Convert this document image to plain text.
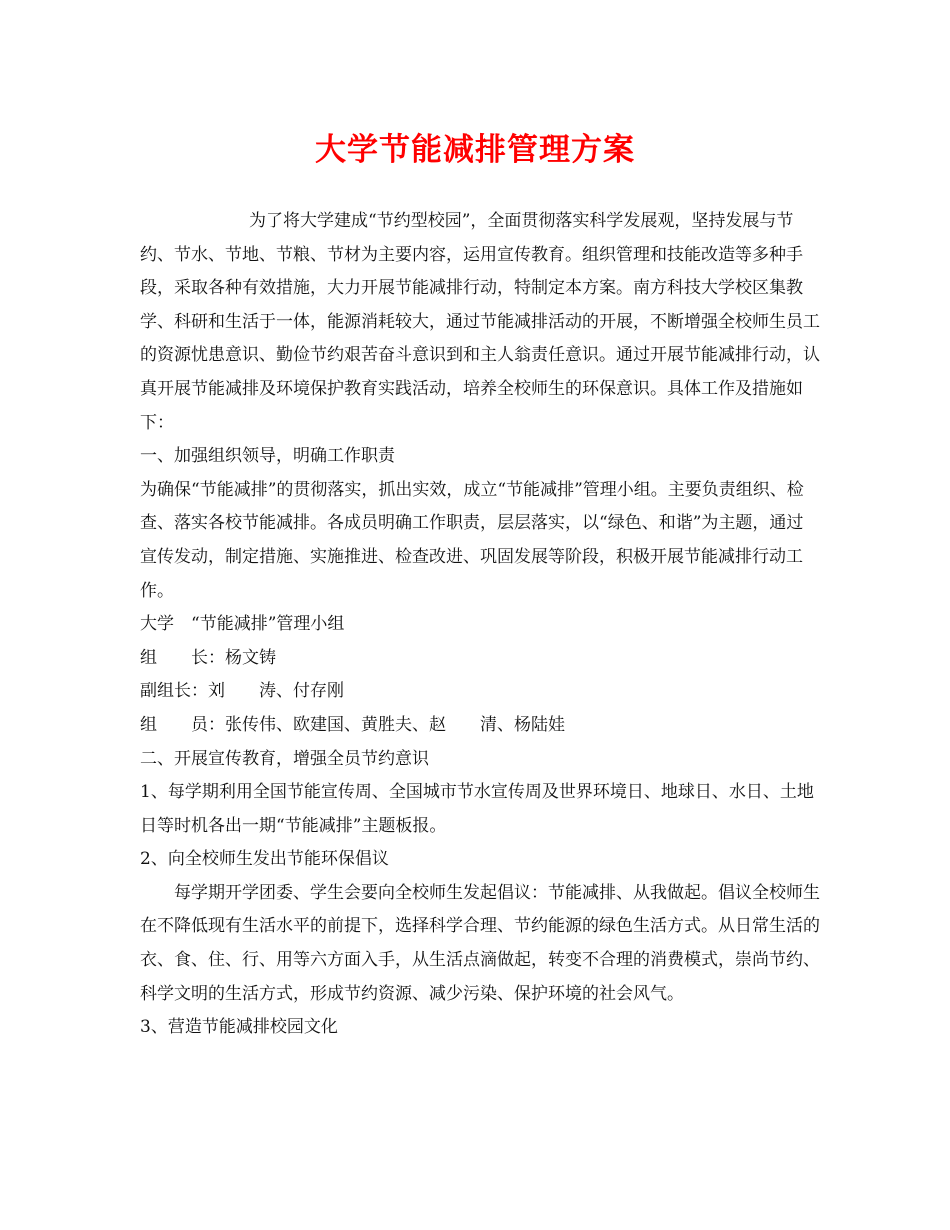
大学节能减排管理方案

为了将大学建成“节约型校园”，全面贯彻落实科学发展观，坚持发展与节约、节水、节地、节粮、节材为主要内容，运用宣传教育。组织管理和技能改造等多种手段，采取各种有效措施，大力开展节能减排行动，特制定本方案。南方科技大学校区集教学、科研和生活于一体，能源消耗较大，通过节能减排活动的开展，不断增强全校师生员工的资源忧患意识、勤俭节约艰苦奋斗意识到和主人翁责任意识。通过开展节能减排行动，认真开展节能减排及环境保护教育实践活动，培养全校师生的环保意识。具体工作及措施如下：

一、加强组织领导，明确工作职责

为确保“节能减排”的贯彻落实，抓出实效，成立“节能减排”管理小组。主要负责组织、检查、落实各校节能减排。各成员明确工作职责，层层落实，以“绿色、和谐”为主题，通过宣传发动，制定措施、实施推进、检查改进、巩固发展等阶段，积极开展节能减排行动工作。

大学　“节能减排”管理小组

组　　长：杨文铸

副组长：刘　　涛、付存刚

组　　员：张传伟、欧建国、黄胜夫、赵　　清、杨陆娃

二、开展宣传教育，增强全员节约意识

1、每学期利用全国节能宣传周、全国城市节水宣传周及世界环境日、地球日、水日、土地日等时机各出一期“节能减排”主题板报。

2、向全校师生发出节能环保倡议

每学期开学团委、学生会要向全校师生发起倡议：节能减排、从我做起。倡议全校师生在不降低现有生活水平的前提下，选择科学合理、节约能源的绿色生活方式。从日常生活的衣、食、住、行、用等六方面入手，从生活点滴做起，转变不合理的消费模式，崇尚节约、科学文明的生活方式，形成节约资源、减少污染、保护环境的社会风气。

3、营造节能减排校园文化
